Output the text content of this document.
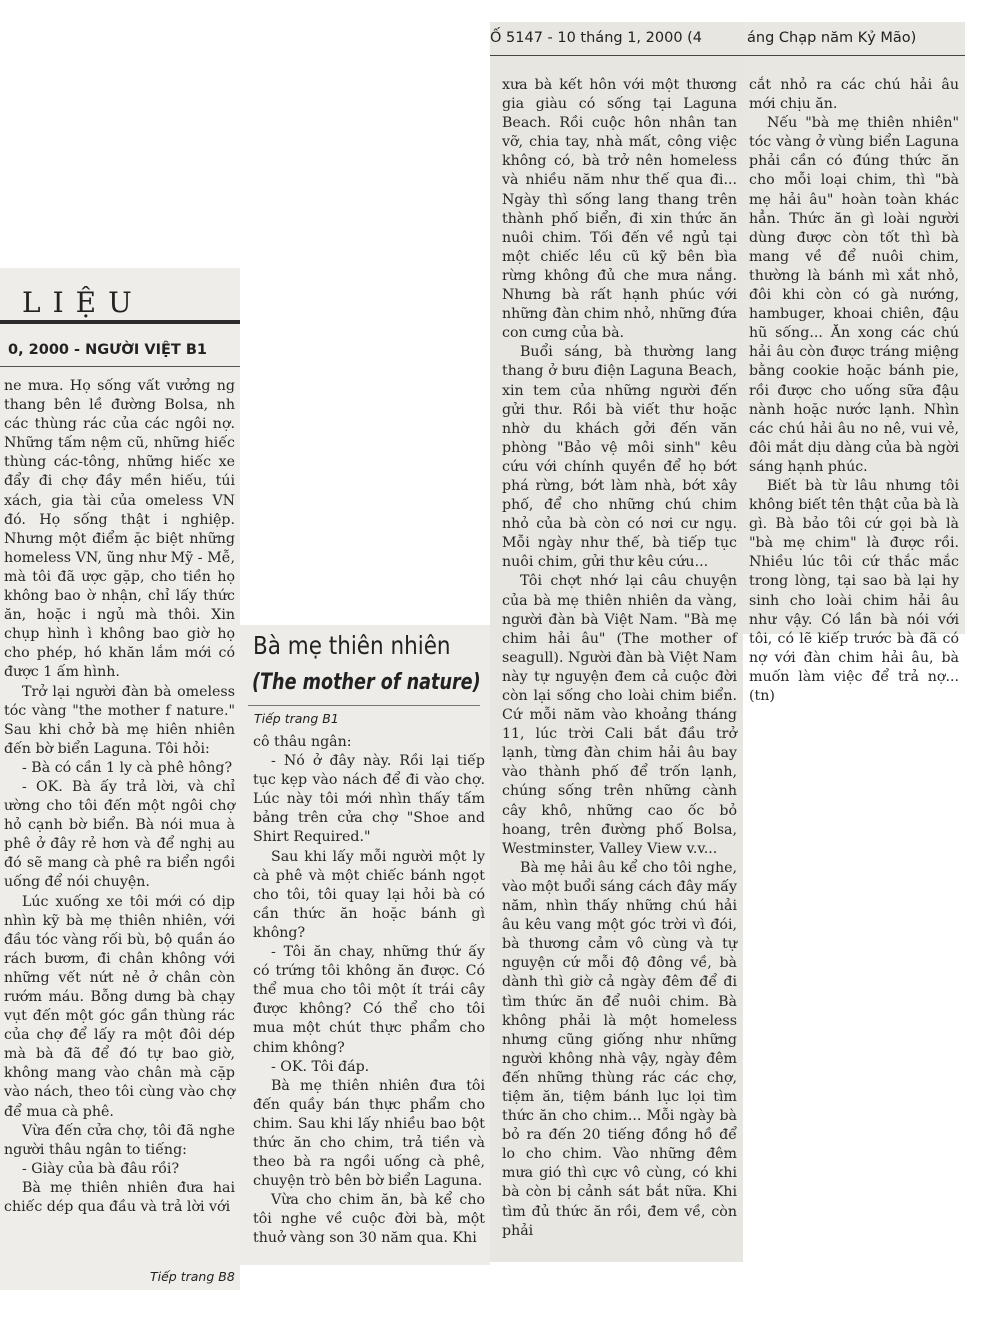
LIỆU
0, 2000 - NGƯỜI VIỆT B1

ne mưa. Họ sống vất vưởng ng thang bên lề đường Bolsa, nh các thùng rác của các ngôi nợ. Những tấm nệm cũ, những hiếc thùng các-tông, những hiếc xe đẩy đi chợ đầy mền hiếu, túi xách, gia tài của omeless VN đó. Họ sống thật i nghiệp. Nhưng một điểm ặc biệt những homeless VN, ũng như Mỹ - Mễ, mà tôi đã ược gặp, cho tiền họ không bao ờ nhận, chỉ lấy thức ăn, hoặc i ngủ mà thôi. Xin chụp hình ì không bao giờ họ cho phép, hó khăn lắm mới có được 1 ấm hình.

Trở lại người đàn bà omeless tóc vàng "the mother f nature." Sau khi chở bà mẹ hiên nhiên đến bờ biển Laguna. Tôi hỏi:

- Bà có cần 1 ly cà phê hông?

- OK. Bà ấy trả lời, và chỉ ường cho tôi đến một ngôi chợ hỏ cạnh bờ biển. Bà nói mua à phê ở đây rẻ hơn và để nghị au đó sẽ mang cà phê ra biển ngồi uống để nói chuyện.

Lúc xuống xe tôi mới có dịp nhìn kỹ bà mẹ thiên nhiên, với đầu tóc vàng rối bù, bộ quần áo rách bươm, đi chân không với những vết nứt nẻ ở chân còn rướm máu. Bỗng dưng bà chạy vụt đến một góc gần thùng rác của chợ để lấy ra một đôi dép mà bà đã để đó tự bao giờ, không mang vào chân mà cặp vào nách, theo tôi cùng vào chợ để mua cà phê.

Vừa đến cửa chợ, tôi đã nghe người thâu ngân to tiếng:

- Giày của bà đâu rồi?

Bà mẹ thiên nhiên đưa hai chiếc dép qua đầu và trả lời với

Tiếp trang B8
Bà mẹ thiên nhiên
(The mother of nature)
Tiếp trang B1

cô thâu ngân:

- Nó ở đây này. Rồi lại tiếp tục kẹp vào nách để đi vào chợ. Lúc này tôi mới nhìn thấy tấm bảng trên cửa chợ "Shoe and Shirt Required."

Sau khi lấy mỗi người một ly cà phê và một chiếc bánh ngọt cho tôi, tôi quay lại hỏi bà có cần thức ăn hoặc bánh gì không?

- Tôi ăn chay, những thứ ấy có trứng tôi không ăn được. Có thể mua cho tôi một ít trái cây được không? Có thể cho tôi mua một chút thực phẩm cho chim không?

- OK. Tôi đáp.

Bà mẹ thiên nhiên đưa tôi đến quầy bán thực phẩm cho chim. Sau khi lấy nhiều bao bột thức ăn cho chim, trả tiền và theo bà ra ngồi uống cà phê, chuyện trò bên bờ biển Laguna.

Vừa cho chim ăn, bà kể cho tôi nghe về cuộc đời bà, một thuở vàng son 30 năm qua. Khi

Ố 5147 - 10 tháng 1, 2000 (4

xưa bà kết hôn với một thương gia giàu có sống tại Laguna Beach. Rồi cuộc hôn nhân tan vỡ, chia tay, nhà mất, công việc không có, bà trở nên homeless và nhiều năm như thế qua đi... Ngày thì sống lang thang trên thành phố biển, đi xin thức ăn nuôi chim. Tối đến về ngủ tại một chiếc lều cũ kỹ bên bìa rừng không đủ che mưa nắng. Nhưng bà rất hạnh phúc với những đàn chim nhỏ, những đứa con cưng của bà.

Buổi sáng, bà thường lang thang ở bưu điện Laguna Beach, xin tem của những người đến gửi thư. Rồi bà viết thư hoặc nhờ du khách gởi đến văn phòng "Bảo vệ môi sinh" kêu cứu với chính quyền để họ bớt phá rừng, bớt làm nhà, bớt xây phố, để cho những chú chim nhỏ của bà còn có nơi cư ngụ. Mỗi ngày như thế, bà tiếp tục nuôi chim, gửi thư kêu cứu...

Tôi chợt nhớ lại câu chuyện của bà mẹ thiên nhiên da vàng, người đàn bà Việt Nam. "Bà mẹ chim hải âu" (The mother of seagull). Người đàn bà Việt Nam này tự nguyện đem cả cuộc đời còn lại sống cho loài chim biển. Cứ mỗi năm vào khoảng tháng 11, lúc trời Cali bắt đầu trở lạnh, từng đàn chim hải âu bay vào thành phố để trốn lạnh, chúng sống trên những cành cây khô, những cao ốc bỏ hoang, trên đường phố Bolsa, Westminster, Valley View v.v...

Bà mẹ hải âu kể cho tôi nghe, vào một buổi sáng cách đây mấy năm, nhìn thấy những chú hải âu kêu vang một góc trời vì đói, bà thương cảm vô cùng và tự nguyện cứ mỗi độ đông về, bà dành thì giờ cả ngày đêm để đi tìm thức ăn để nuôi chim. Bà không phải là một homeless nhưng cũng giống như những người không nhà vậy, ngày đêm đến những thùng rác các chợ, tiệm ăn, tiệm bánh lục lọi tìm thức ăn cho chim... Mỗi ngày bà bỏ ra đến 20 tiếng đồng hồ để lo cho chim. Vào những đêm mưa gió thì cực vô cùng, có khi bà còn bị cảnh sát bắt nữa. Khi tìm đủ thức ăn rồi, đem về, còn phải

áng Chạp năm Kỷ Mão)

cắt nhỏ ra các chú hải âu mới chịu ăn.

Nếu "bà mẹ thiên nhiên" tóc vàng ở vùng biển Laguna phải cần có đúng thức ăn cho mỗi loại chim, thì "bà mẹ hải âu" hoàn toàn khác hẳn. Thức ăn gì loài người dùng được còn tốt thì bà mang về để nuôi chim, thường là bánh mì xắt nhỏ, đôi khi còn có gà nướng, hambuger, khoai chiên, đậu hũ sống... Ăn xong các chú hải âu còn được tráng miệng bằng cookie hoặc bánh pie, rồi được cho uống sữa đậu nành hoặc nước lạnh. Nhìn các chú hải âu no nê, vui vẻ, đôi mắt dịu dàng của bà ngời sáng hạnh phúc.

Biết bà từ lâu nhưng tôi không biết tên thật của bà là gì. Bà bảo tôi cứ gọi bà là "bà mẹ chim" là được rồi. Nhiều lúc tôi cứ thắc mắc trong lòng, tại sao bà lại hy sinh cho loài chim hải âu như vậy. Có lần bà nói với tôi, có lẽ kiếp trước bà đã có nợ với đàn chim hải âu, bà muốn làm việc để trả nợ...(tn)
